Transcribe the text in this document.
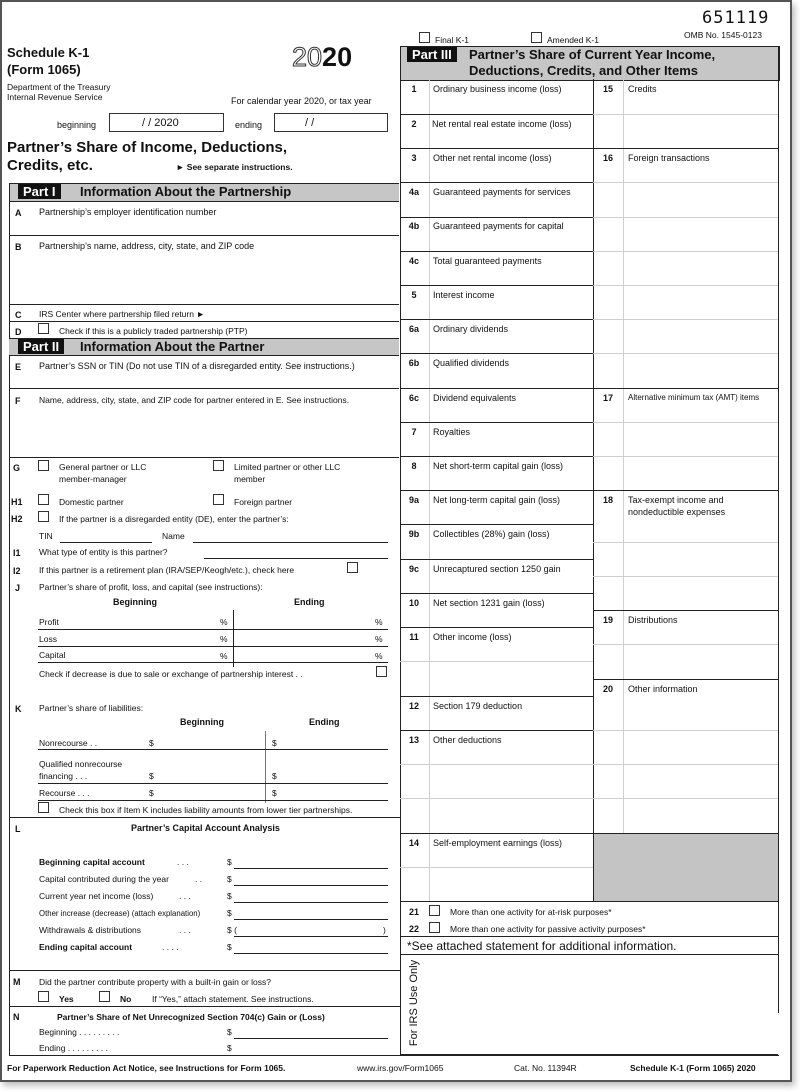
Schedule K-1
(Form 1065)
Department of the Treasury
Internal Revenue Service
2020
For calendar year 2020, or tax year
beginning	/ / 2020	ending	/ /
Partner’s Share of Income, Deductions,
Credits, etc.	► See separate instructions.
651119
OMB No. 1545-0123
Final K-1	Amended K-1
Part III	Partner’s Share of Current Year Income,
Deductions, Credits, and Other Items
1	Ordinary business income (loss)
2	Net rental real estate income (loss)
3	Other net rental income (loss)
4a	Guaranteed payments for services
4b	Guaranteed payments for capital
4c	Total guaranteed payments
5	Interest income
6a	Ordinary dividends
6b	Qualified dividends
6c	Dividend equivalents
7	Royalties
8	Net short-term capital gain (loss)
9a	Net long-term capital gain (loss)
9b	Collectibles (28%) gain (loss)
9c	Unrecaptured section 1250 gain
10	Net section 1231 gain (loss)
11	Other income (loss)
12	Section 179 deduction
13	Other deductions
14	Self-employment earnings (loss)
15	Credits
16	Foreign transactions
17	Alternative minimum tax (AMT) items
18	Tax-exempt income and
nondeductible expenses
19	Distributions
20	Other information
21	More than one activity for at-risk purposes*
22	More than one activity for passive activity purposes*
*See attached statement for additional information.
For IRS Use Only
Part I	Information About the Partnership
A Partnership’s employer identification number
B Partnership’s name, address, city, state, and ZIP code
C IRS Center where partnership filed return ►
D	Check if this is a publicly traded partnership (PTP)
Part II	Information About the Partner
E Partner’s SSN or TIN (Do not use TIN of a disregarded entity. See instructions.)
F Name, address, city, state, and ZIP code for partner entered in E. See instructions.
G	General partner or LLC
member-manager
Limited partner or other LLC
member
H1	Domestic partner	Foreign partner
H2	If the partner is a disregarded entity (DE), enter the partner’s:
TIN	Name
I1 What type of entity is this partner?
I2 If this partner is a retirement plan (IRA/SEP/Keogh/etc.), check here
J Partner’s share of profit, loss, and capital (see instructions):
Beginning	Ending
Profit	%	%
Loss	%	%
Capital	%	%
Check if decrease is due to sale or exchange of partnership interest . .
K Partner’s share of liabilities:
Beginning	Ending
Nonrecourse . .	$	$
Qualified nonrecourse
financing . . .	$	$
Recourse . . .	$	$
Check this box if Item K includes liability amounts from lower tier partnerships.
L	Partner’s Capital Account Analysis
Beginning capital account	. . .	$
Capital contributed during the year	. .	$
Current year net income (loss)	. . .	$
Other increase (decrease) (attach explanation)	$
Withdrawals & distributions	. . .	$ (	)
Ending capital account	. . . .	$
M Did the partner contribute property with a built-in gain or loss?
Yes	No If “Yes,” attach statement. See instructions.
N	Partner’s Share of Net Unrecognized Section 704(c) Gain or (Loss)
Beginning . . . . . . . . .	$
Ending . . . . . . . . .	$
For Paperwork Reduction Act Notice, see Instructions for Form 1065.	www.irs.gov/Form1065	Cat. No. 11394R	Schedule K-1 (Form 1065) 2020
